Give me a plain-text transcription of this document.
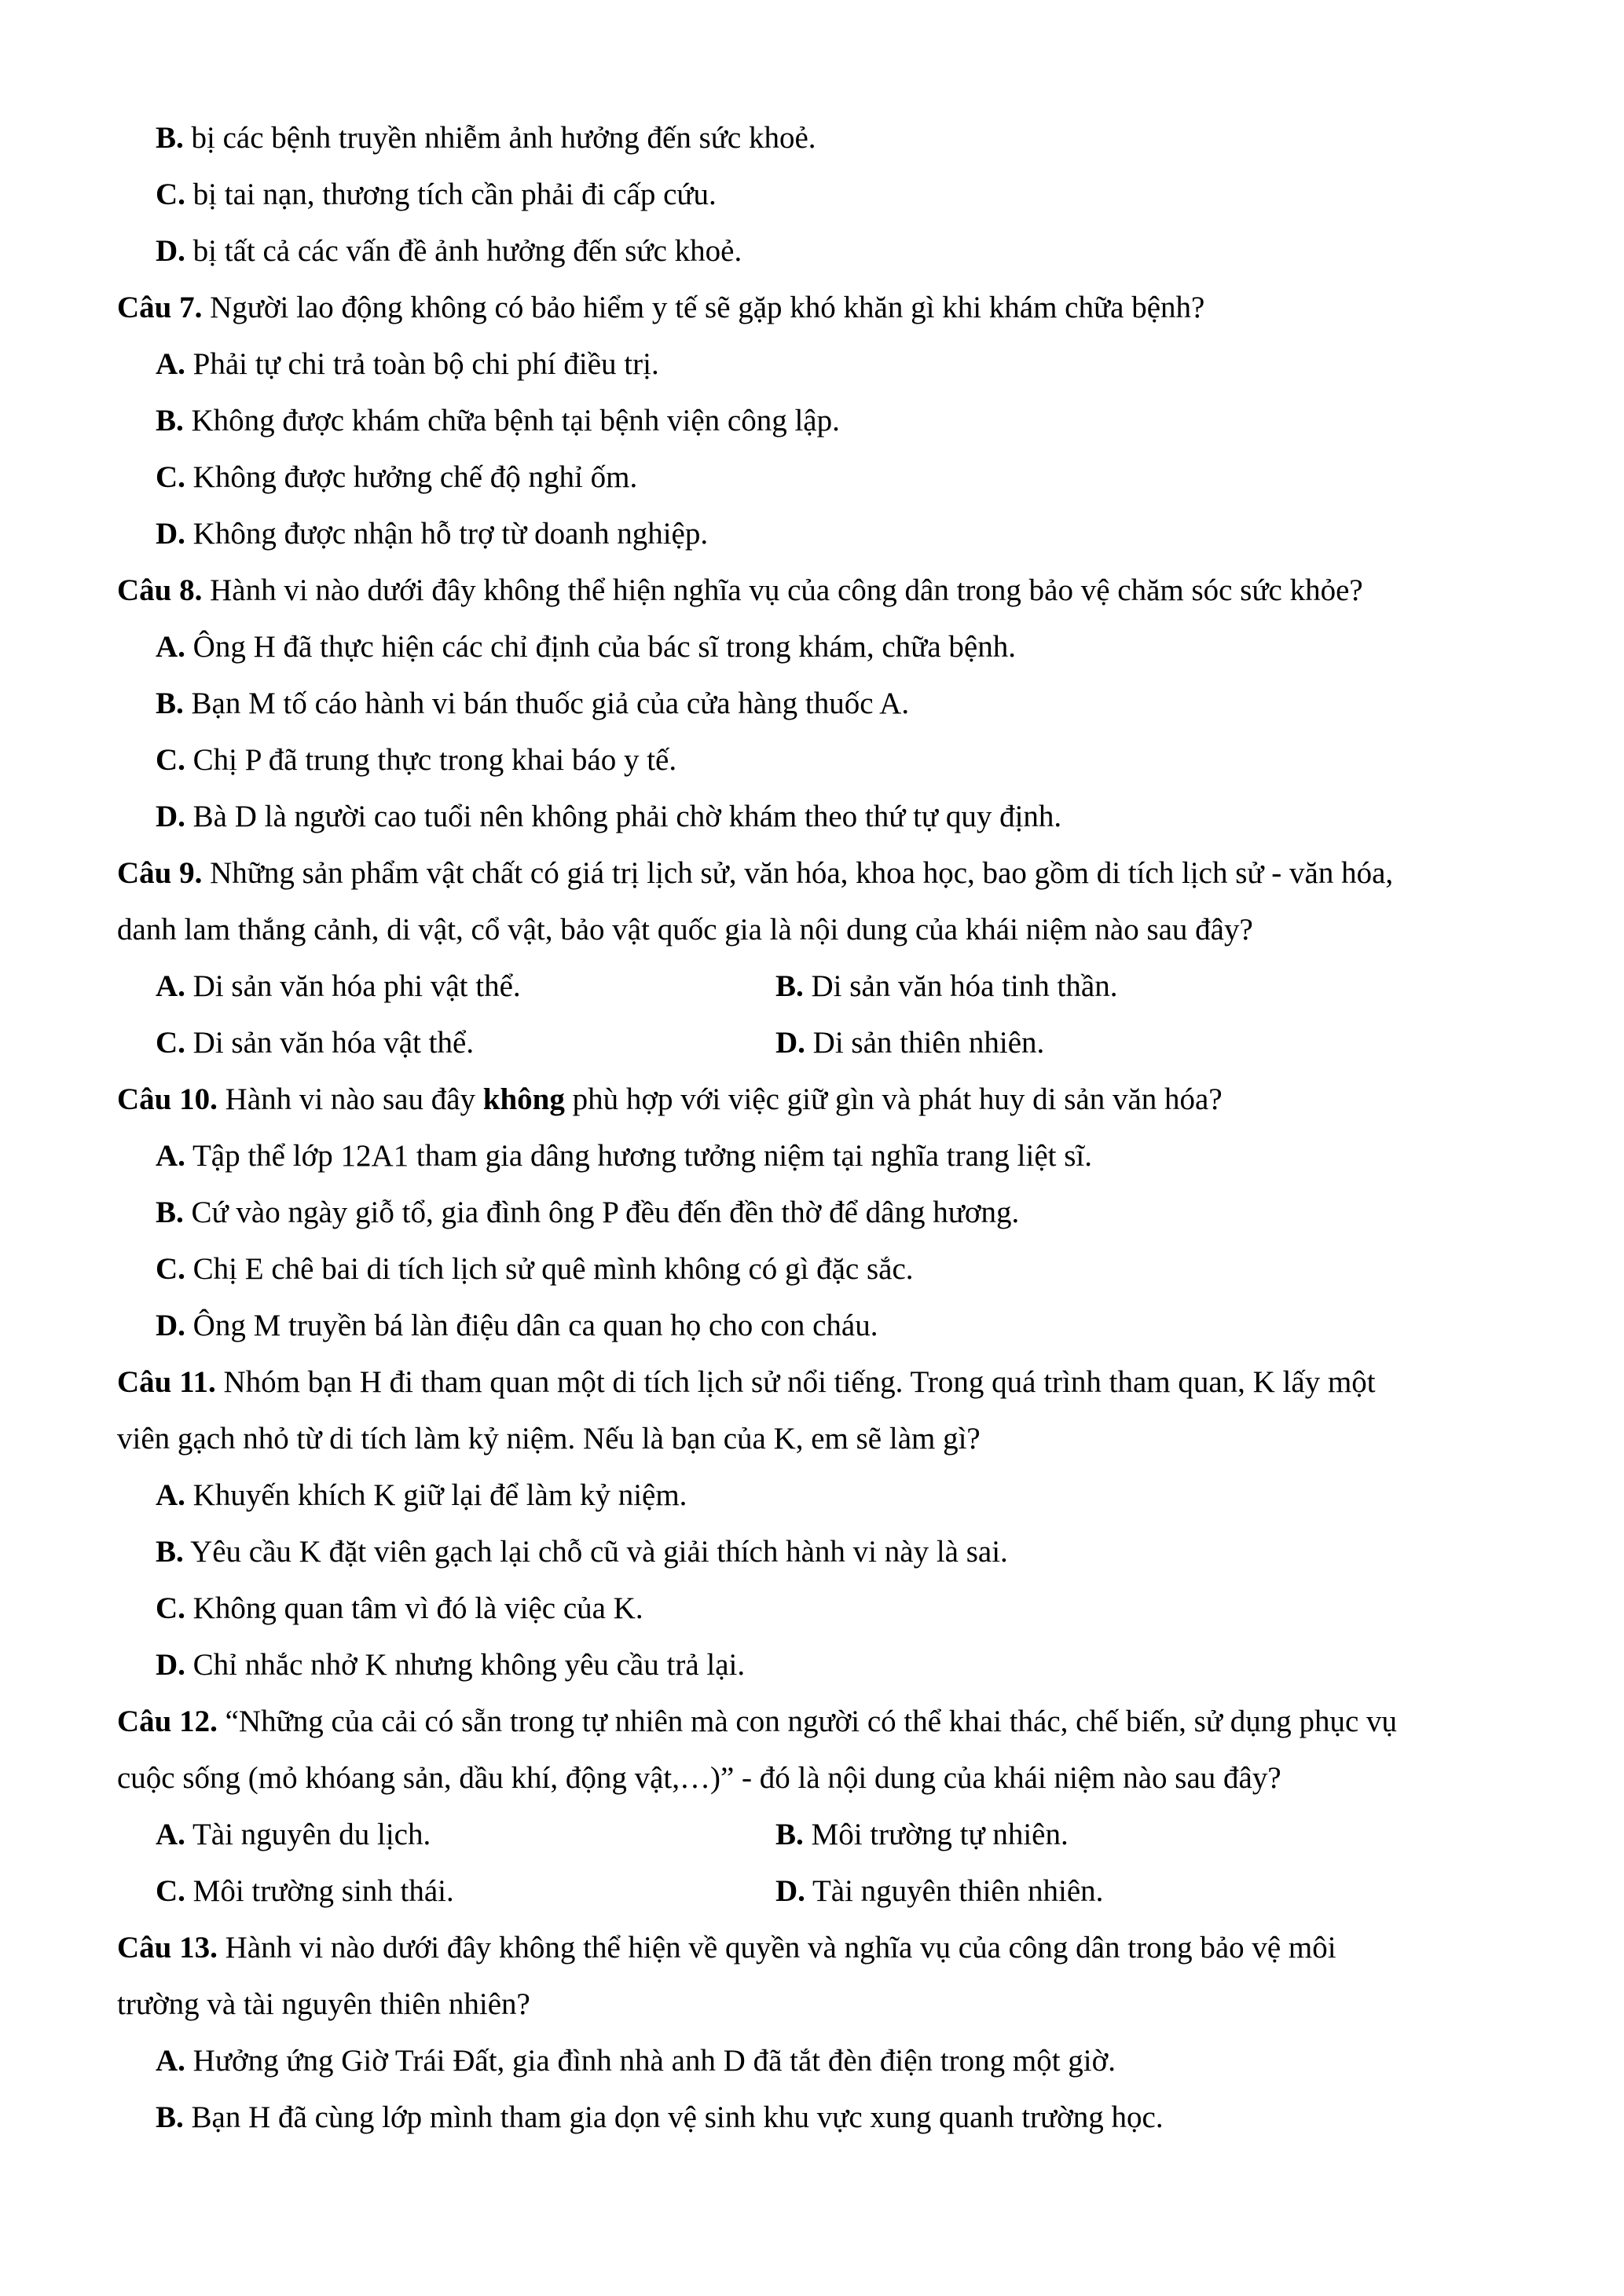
B. bị các bệnh truyền nhiễm ảnh hưởng đến sức khoẻ.
C. bị tai nạn, thương tích cần phải đi cấp cứu.
D. bị tất cả các vấn đề ảnh hưởng đến sức khoẻ.
Câu 7. Người lao động không có bảo hiểm y tế sẽ gặp khó khăn gì khi khám chữa bệnh?
A. Phải tự chi trả toàn bộ chi phí điều trị.
B. Không được khám chữa bệnh tại bệnh viện công lập.
C. Không được hưởng chế độ nghỉ ốm.
D. Không được nhận hỗ trợ từ doanh nghiệp.
Câu 8. Hành vi nào dưới đây không thể hiện nghĩa vụ của công dân trong bảo vệ chăm sóc sức khỏe?
A. Ông H đã thực hiện các chỉ định của bác sĩ trong khám, chữa bệnh.
B. Bạn M tố cáo hành vi bán thuốc giả của cửa hàng thuốc A.
C. Chị P đã trung thực trong khai báo y tế.
D. Bà D là người cao tuổi nên không phải chờ khám theo thứ tự quy định.
Câu 9. Những sản phẩm vật chất có giá trị lịch sử, văn hóa, khoa học, bao gồm di tích lịch sử - văn hóa,
danh lam thắng cảnh, di vật, cổ vật, bảo vật quốc gia là nội dung của khái niệm nào sau đây?
A. Di sản văn hóa phi vật thể.	B. Di sản văn hóa tinh thần.
C. Di sản văn hóa vật thể.	D. Di sản thiên nhiên.
Câu 10. Hành vi nào sau đây không phù hợp với việc giữ gìn và phát huy di sản văn hóa?
A. Tập thể lớp 12A1 tham gia dâng hương tưởng niệm tại nghĩa trang liệt sĩ.
B. Cứ vào ngày giỗ tổ, gia đình ông P đều đến đền thờ để dâng hương.
C. Chị E chê bai di tích lịch sử quê mình không có gì đặc sắc.
D. Ông M truyền bá làn điệu dân ca quan họ cho con cháu.
Câu 11. Nhóm bạn H đi tham quan một di tích lịch sử nổi tiếng. Trong quá trình tham quan, K lấy một
viên gạch nhỏ từ di tích làm kỷ niệm. Nếu là bạn của K, em sẽ làm gì?
A. Khuyến khích K giữ lại để làm kỷ niệm.
B. Yêu cầu K đặt viên gạch lại chỗ cũ và giải thích hành vi này là sai.
C. Không quan tâm vì đó là việc của K.
D. Chỉ nhắc nhở K nhưng không yêu cầu trả lại.
Câu 12. “Những của cải có sẵn trong tự nhiên mà con người có thể khai thác, chế biến, sử dụng phục vụ
cuộc sống (mỏ khóang sản, dầu khí, động vật,…)” - đó là nội dung của khái niệm nào sau đây?
A. Tài nguyên du lịch.	B. Môi trường tự nhiên.
C. Môi trường sinh thái.	D. Tài nguyên thiên nhiên.
Câu 13. Hành vi nào dưới đây không thể hiện về quyền và nghĩa vụ của công dân trong bảo vệ môi
trường và tài nguyên thiên nhiên?
A. Hưởng ứng Giờ Trái Đất, gia đình nhà anh D đã tắt đèn điện trong một giờ.
B. Bạn H đã cùng lớp mình tham gia dọn vệ sinh khu vực xung quanh trường học.
